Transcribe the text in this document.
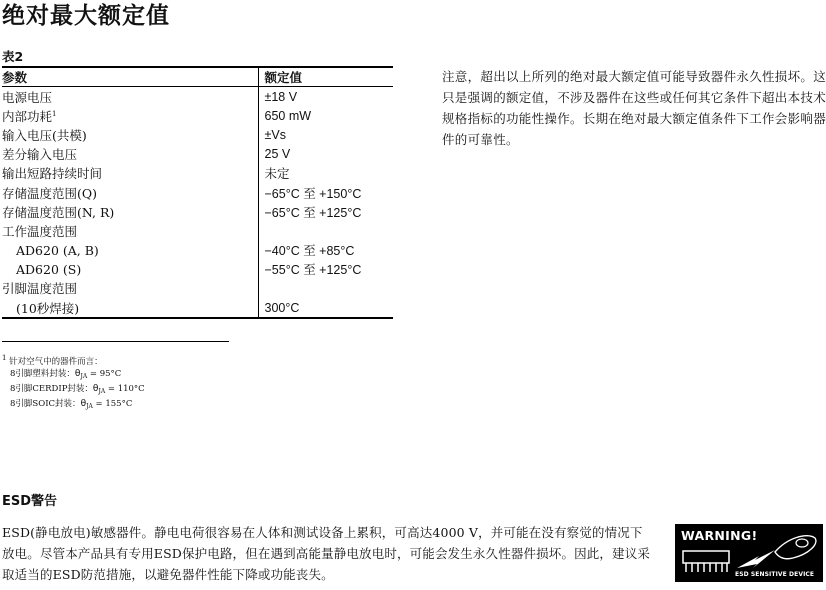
绝对最大额定值
表2
参数	额定值
电源电压	±18 V
内部功耗$^1$	650 mW
输入电压(共模)	±Vs
差分输入电压	25 V
输出短路持续时间	未定
存储温度范围(Q)	−65°C 至 +150°C
存储温度范围(N, R)	−65°C 至 +125°C
工作温度范围	
AD620 (A, B)	−40°C 至 +85°C
AD620 (S)	−55°C 至 +125°C
引脚温度范围	
(10秒焊接)	300°C

注意，超出以上所列的绝对最大额定值可能导致器件永久性损坏。这只是强调的额定值，不涉及器件在这些或任何其它条件下超出本技术规格指标的功能性操作。长期在绝对最大额定值条件下工作会影响器件的可靠性。

$^1$ 针对空气中的器件而言：
8引脚塑料封装：$\theta_{JA} = 95^\circ C$
8引脚CERDIP封装：$\theta_{JA} = 110^\circ C$
8引脚SOIC封装：$\theta_{JA} = 155^\circ C$
ESD警告

ESD(静电放电)敏感器件。静电电荷很容易在人体和测试设备上累积，可高达4000 V，并可能在没有察觉的情况下放电。尽管本产品具有专用ESD保护电路，但在遇到高能量静电放电时，可能会发生永久性器件损坏。因此，建议采取适当的ESD防范措施，以避免器件性能下降或功能丧失。

WARNING!
ESD SENSITIVE DEVICE
